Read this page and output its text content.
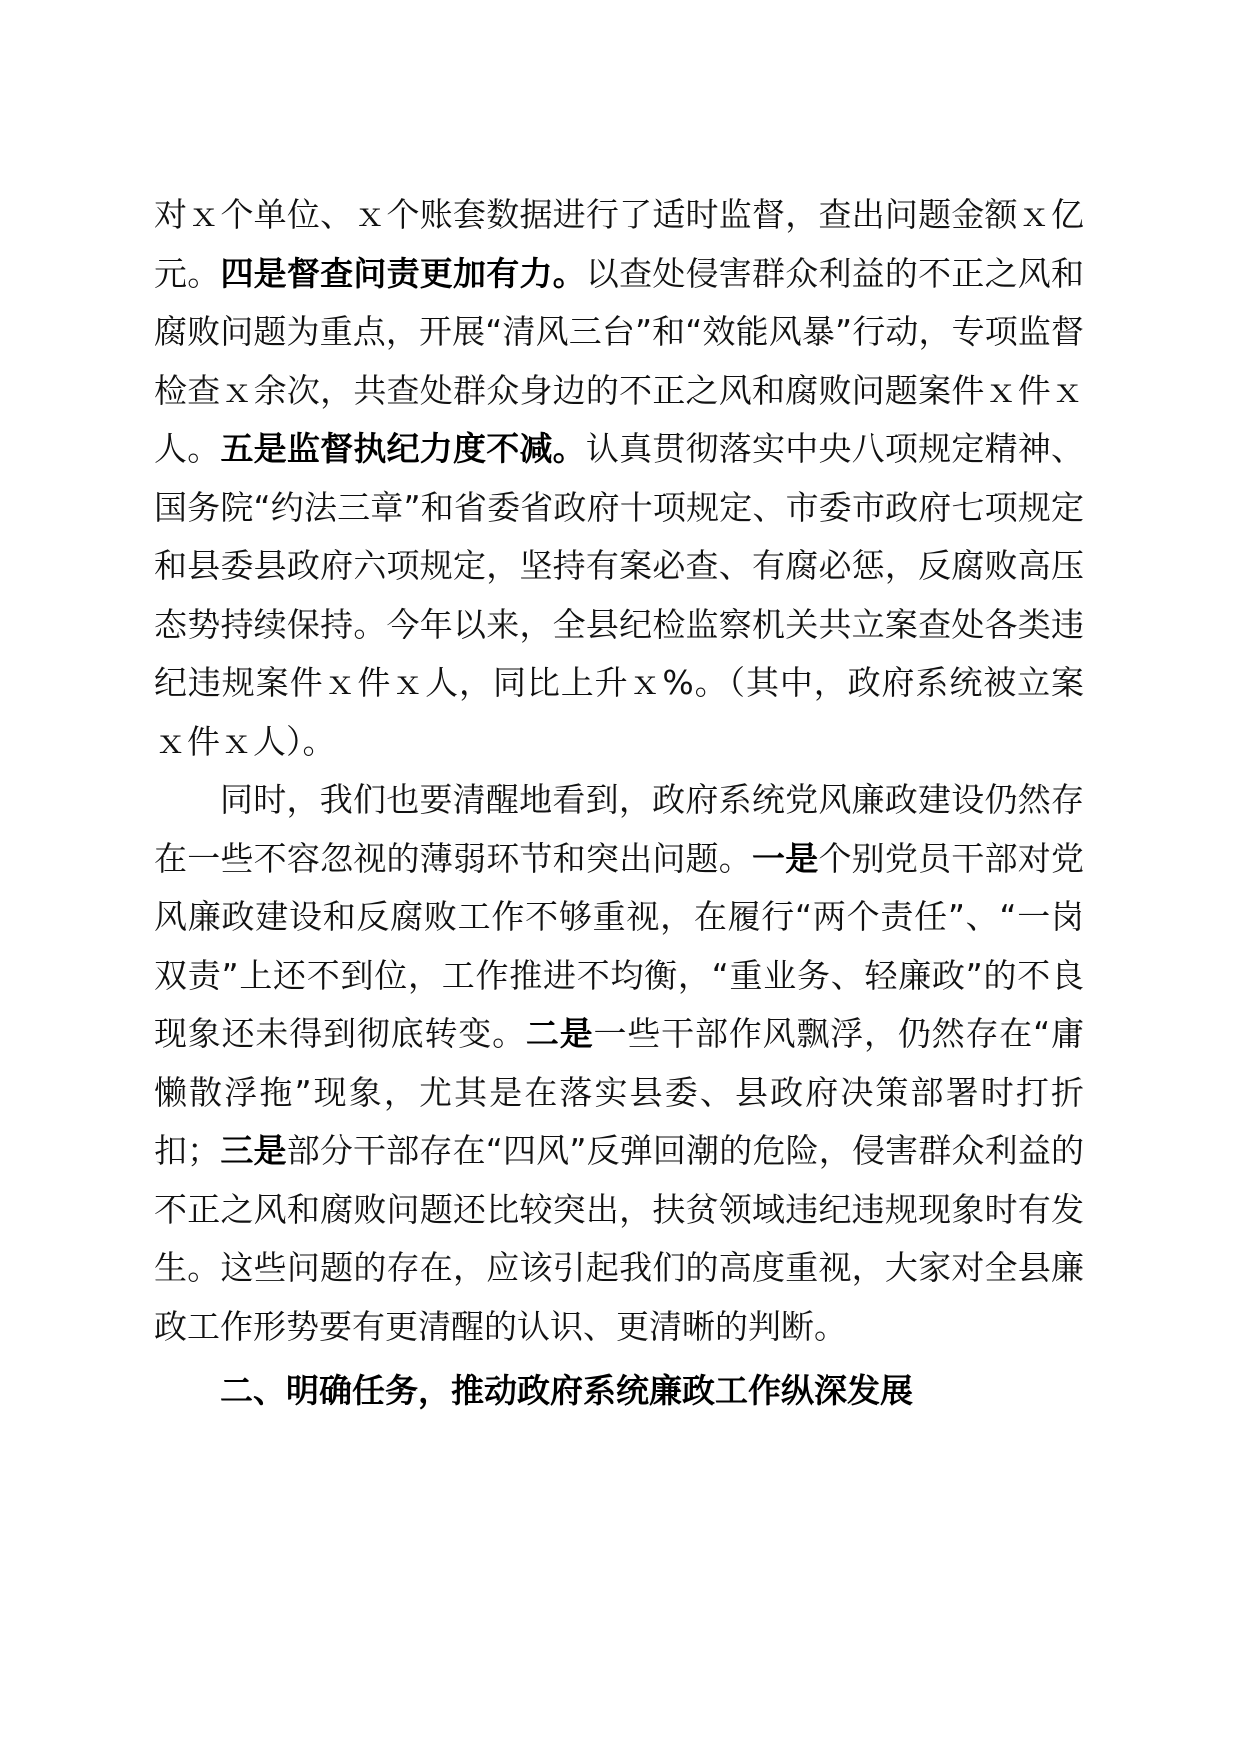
对ｘ个单位、ｘ个账套数据进行了适时监督，查出问题金额ｘ亿元。四是督查问责更加有力。以查处侵害群众利益的不正之风和腐败问题为重点，开展“清风三台”和“效能风暴”行动，专项监督检查ｘ余次，共查处群众身边的不正之风和腐败问题案件ｘ件ｘ人。五是监督执纪力度不减。认真贯彻落实中央八项规定精神、国务院“约法三章”和省委省政府十项规定、市委市政府七项规定和县委县政府六项规定，坚持有案必查、有腐必惩，反腐败高压态势持续保持。今年以来，全县纪检监察机关共立案查处各类违纪违规案件ｘ件ｘ人，同比上升ｘ%。（其中，政府系统被立案ｘ件ｘ人）。

同时，我们也要清醒地看到，政府系统党风廉政建设仍然存在一些不容忽视的薄弱环节和突出问题。一是个别党员干部对党风廉政建设和反腐败工作不够重视，在履行“两个责任”、“一岗双责”上还不到位，工作推进不均衡，“重业务、轻廉政”的不良现象还未得到彻底转变。二是一些干部作风飘浮，仍然存在“庸懒散浮拖”现象，尤其是在落实县委、县政府决策部署时打折扣；三是部分干部存在“四风”反弹回潮的危险，侵害群众利益的不正之风和腐败问题还比较突出，扶贫领域违纪违规现象时有发生。这些问题的存在，应该引起我们的高度重视，大家对全县廉政工作形势要有更清醒的认识、更清晰的判断。

二、明确任务，推动政府系统廉政工作纵深发展
